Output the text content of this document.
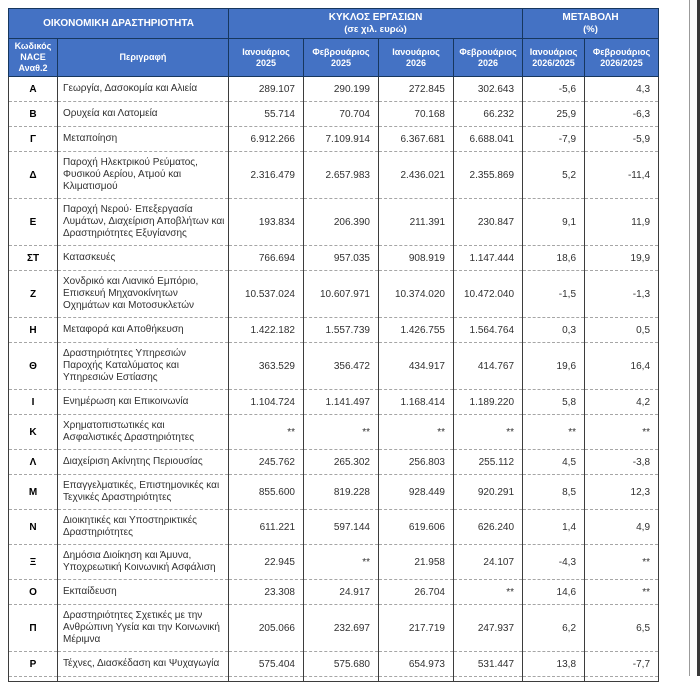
ΟΙΚΟΝΟΜΙΚΗ ΔΡΑΣΤΗΡΙΟΤΗΤΑ

ΚΥΚΛΟΣ ΕΡΓΑΣΙΩΝ
(σε χιλ. ευρώ)

ΜΕΤΑΒΟΛΗ
(%)

Κωδικός NACE Αναθ.2	Περιγραφή	Ιανουάριος 2025	Φεβρουάριος 2025	Ιανουάριος 2026	Φεβρουάριος 2026	Ιανουάριος 2026/2025	Φεβρουάριος 2026/2025
Α	Γεωργία, Δασοκομία και Αλιεία	289.107	290.199	272.845	302.643	-5,6	4,3
Β	Ορυχεία και Λατομεία	55.714	70.704	70.168	66.232	25,9	-6,3
Γ	Μεταποίηση	6.912.266	7.109.914	6.367.681	6.688.041	-7,9	-5,9
Δ	Παροχή Ηλεκτρικού Ρεύματος, Φυσικού Αερίου, Ατμού και Κλιματισμού	2.316.479	2.657.983	2.436.021	2.355.869	5,2	-11,4
Ε	Παροχή Νερού· Επεξεργασία Λυμάτων, Διαχείριση Αποβλήτων και Δραστηριότητες Εξυγίανσης	193.834	206.390	211.391	230.847	9,1	11,9
ΣΤ	Κατασκευές	766.694	957.035	908.919	1.147.444	18,6	19,9
Ζ	Χονδρικό και Λιανικό Εμπόριο, Επισκευή Μηχανοκίνητων Οχημάτων και Μοτοσυκλετών	10.537.024	10.607.971	10.374.020	10.472.040	-1,5	-1,3
Η	Μεταφορά και Αποθήκευση	1.422.182	1.557.739	1.426.755	1.564.764	0,3	0,5
Θ	Δραστηριότητες Υπηρεσιών Παροχής Καταλύματος και Υπηρεσιών Εστίασης	363.529	356.472	434.917	414.767	19,6	16,4
Ι	Ενημέρωση και Επικοινωνία	1.104.724	1.141.497	1.168.414	1.189.220	5,8	4,2
Κ	Χρηματοπιστωτικές και Ασφαλιστικές Δραστηριότητες	**	**	**	**	**	**
Λ	Διαχείριση Ακίνητης Περιουσίας	245.762	265.302	256.803	255.112	4,5	-3,8
Μ	Επαγγελματικές, Επιστημονικές και Τεχνικές Δραστηριότητες	855.600	819.228	928.449	920.291	8,5	12,3
Ν	Διοικητικές και Υποστηρικτικές Δραστηριότητες	611.221	597.144	619.606	626.240	1,4	4,9
Ξ	Δημόσια Διοίκηση και Άμυνα, Υποχρεωτική Κοινωνική Ασφάλιση	22.945	**	21.958	24.107	-4,3	**
Ο	Εκπαίδευση	23.308	24.917	26.704	**	14,6	**
Π	Δραστηριότητες Σχετικές με την Ανθρώπινη Υγεία και την Κοινωνική Μέριμνα	205.066	232.697	217.719	247.937	6,2	6,5
Ρ	Τέχνες, Διασκέδαση και Ψυχαγωγία	575.404	575.680	654.973	531.447	13,8	-7,7
